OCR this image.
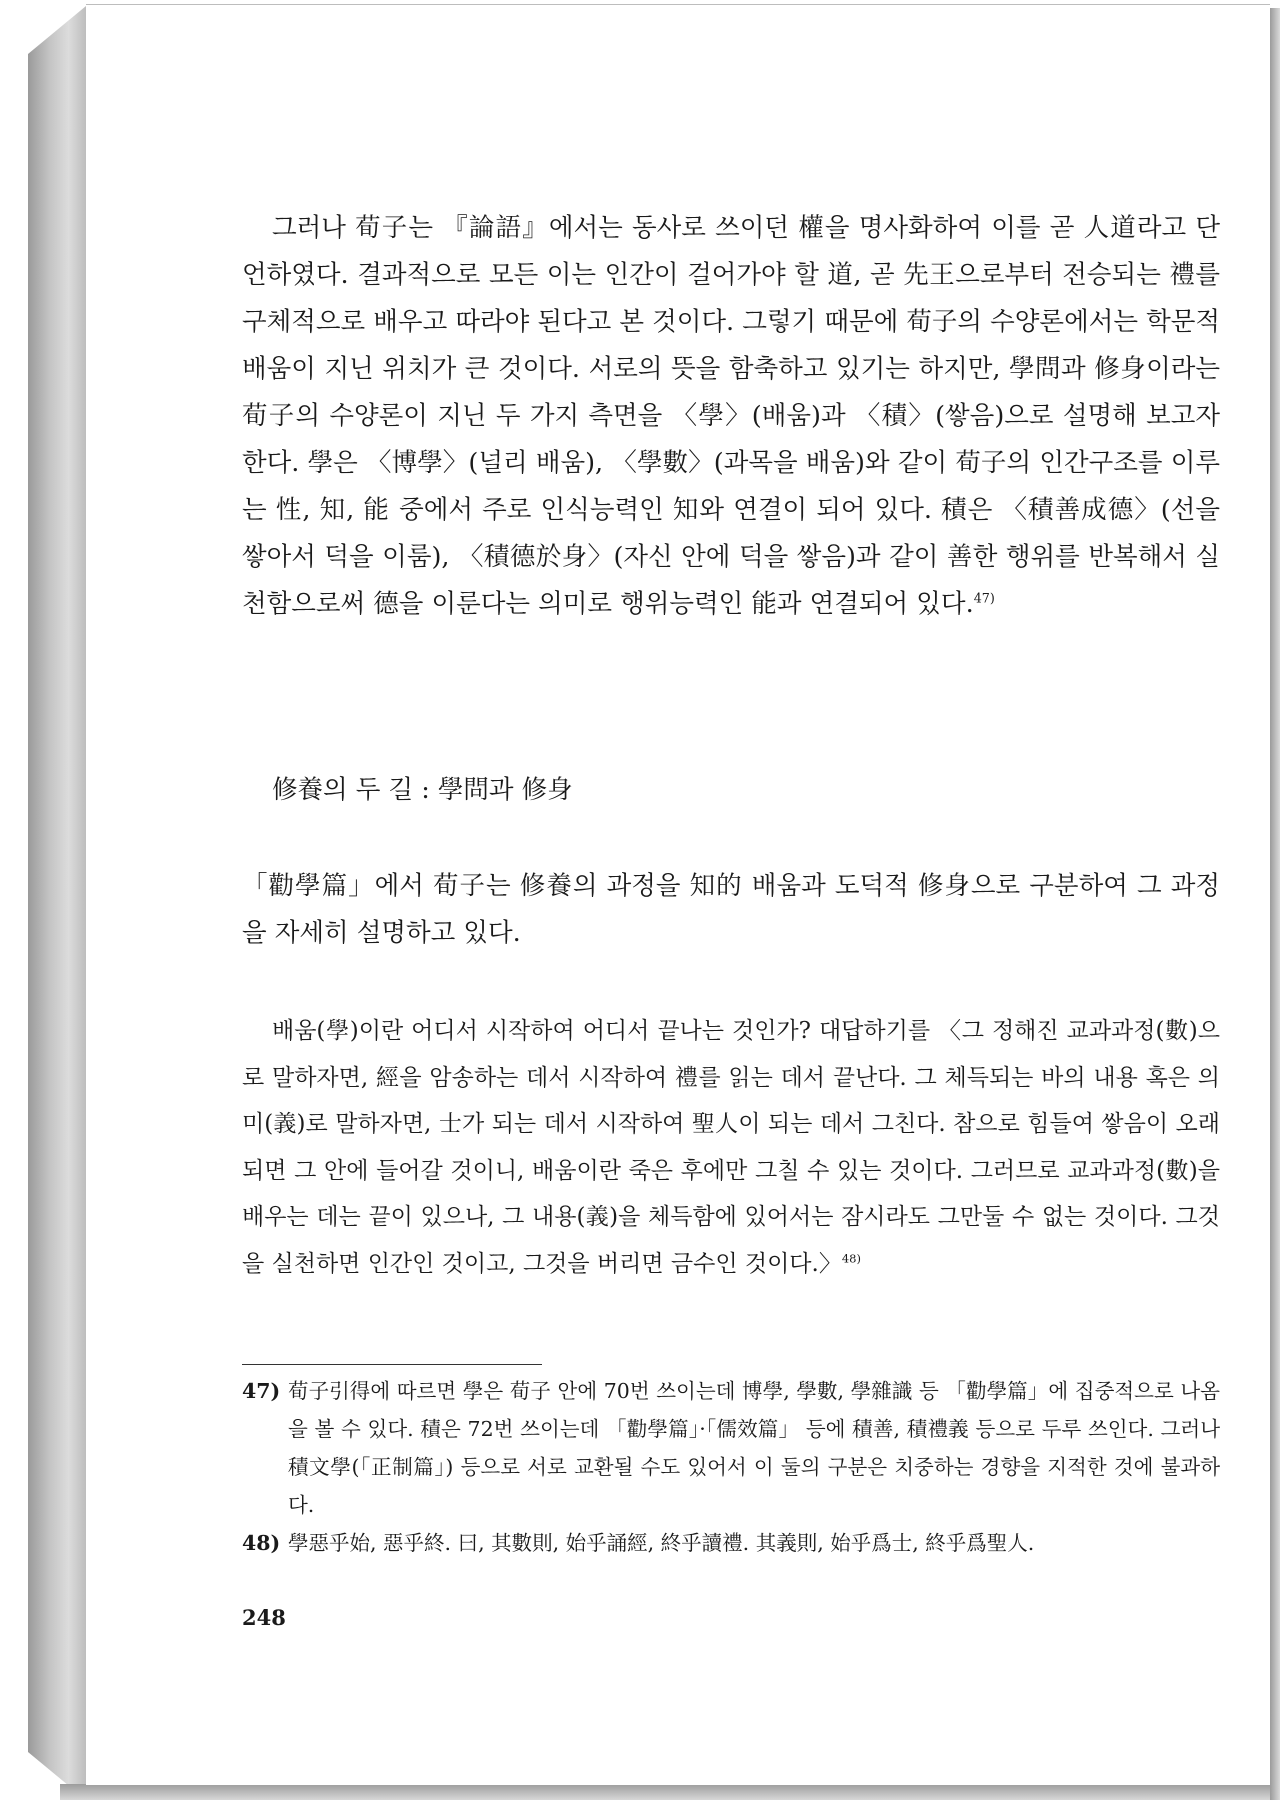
그러나 荀子는 『論語』에서는 동사로 쓰이던 權을 명사화하여 이를 곧 人道라고 단언하였다. 결과적으로 모든 이는 인간이 걸어가야 할 道, 곧 先王으로부터 전승되는 禮를 구체적으로 배우고 따라야 된다고 본 것이다. 그렇기 때문에 荀子의 수양론에서는 학문적 배움이 지닌 위치가 큰 것이다. 서로의 뜻을 함축하고 있기는 하지만, 學問과 修身이라는 荀子의 수양론이 지닌 두 가지 측면을 〈學〉(배움)과 〈積〉(쌓음)으로 설명해 보고자 한다. 學은 〈博學〉(널리 배움), 〈學數〉(과목을 배움)와 같이 荀子의 인간구조를 이루는 性, 知, 能 중에서 주로 인식능력인 知와 연결이 되어 있다. 積은 〈積善成德〉(선을 쌓아서 덕을 이룸), 〈積德於身〉(자신 안에 덕을 쌓음)과 같이 善한 행위를 반복해서 실천함으로써 德을 이룬다는 의미로 행위능력인 能과 연결되어 있다.$^{47)}$

修養의 두 길 : 學問과 修身

「勸學篇」에서 荀子는 修養의 과정을 知的 배움과 도덕적 修身으로 구분하여 그 과정을 자세히 설명하고 있다.

배움(學)이란 어디서 시작하여 어디서 끝나는 것인가? 대답하기를 〈그 정해진 교과과정(數)으로 말하자면, 經을 암송하는 데서 시작하여 禮를 읽는 데서 끝난다. 그 체득되는 바의 내용 혹은 의미(義)로 말하자면, 士가 되는 데서 시작하여 聖人이 되는 데서 그친다. 참으로 힘들여 쌓음이 오래되면 그 안에 들어갈 것이니, 배움이란 죽은 후에만 그칠 수 있는 것이다. 그러므로 교과과정(數)을 배우는 데는 끝이 있으나, 그 내용(義)을 체득함에 있어서는 잠시라도 그만둘 수 없는 것이다. 그것을 실천하면 인간인 것이고, 그것을 버리면 금수인 것이다.〉$^{48)}$

47) 荀子引得에 따르면 學은 荀子 안에 70번 쓰이는데 博學, 學數, 學雜識 등 「勸學篇」에 집중적으로 나옴을 볼 수 있다. 積은 72번 쓰이는데 「勸學篇」·「儒效篇」 등에 積善, 積禮義 등으로 두루 쓰인다. 그러나 積文學(「正制篇」) 등으로 서로 교환될 수도 있어서 이 둘의 구분은 치중하는 경향을 지적한 것에 불과하다.
48) 學惡乎始, 惡乎終. 曰, 其數則, 始乎誦經, 終乎讀禮. 其義則, 始乎爲士, 終乎爲聖人.

248
